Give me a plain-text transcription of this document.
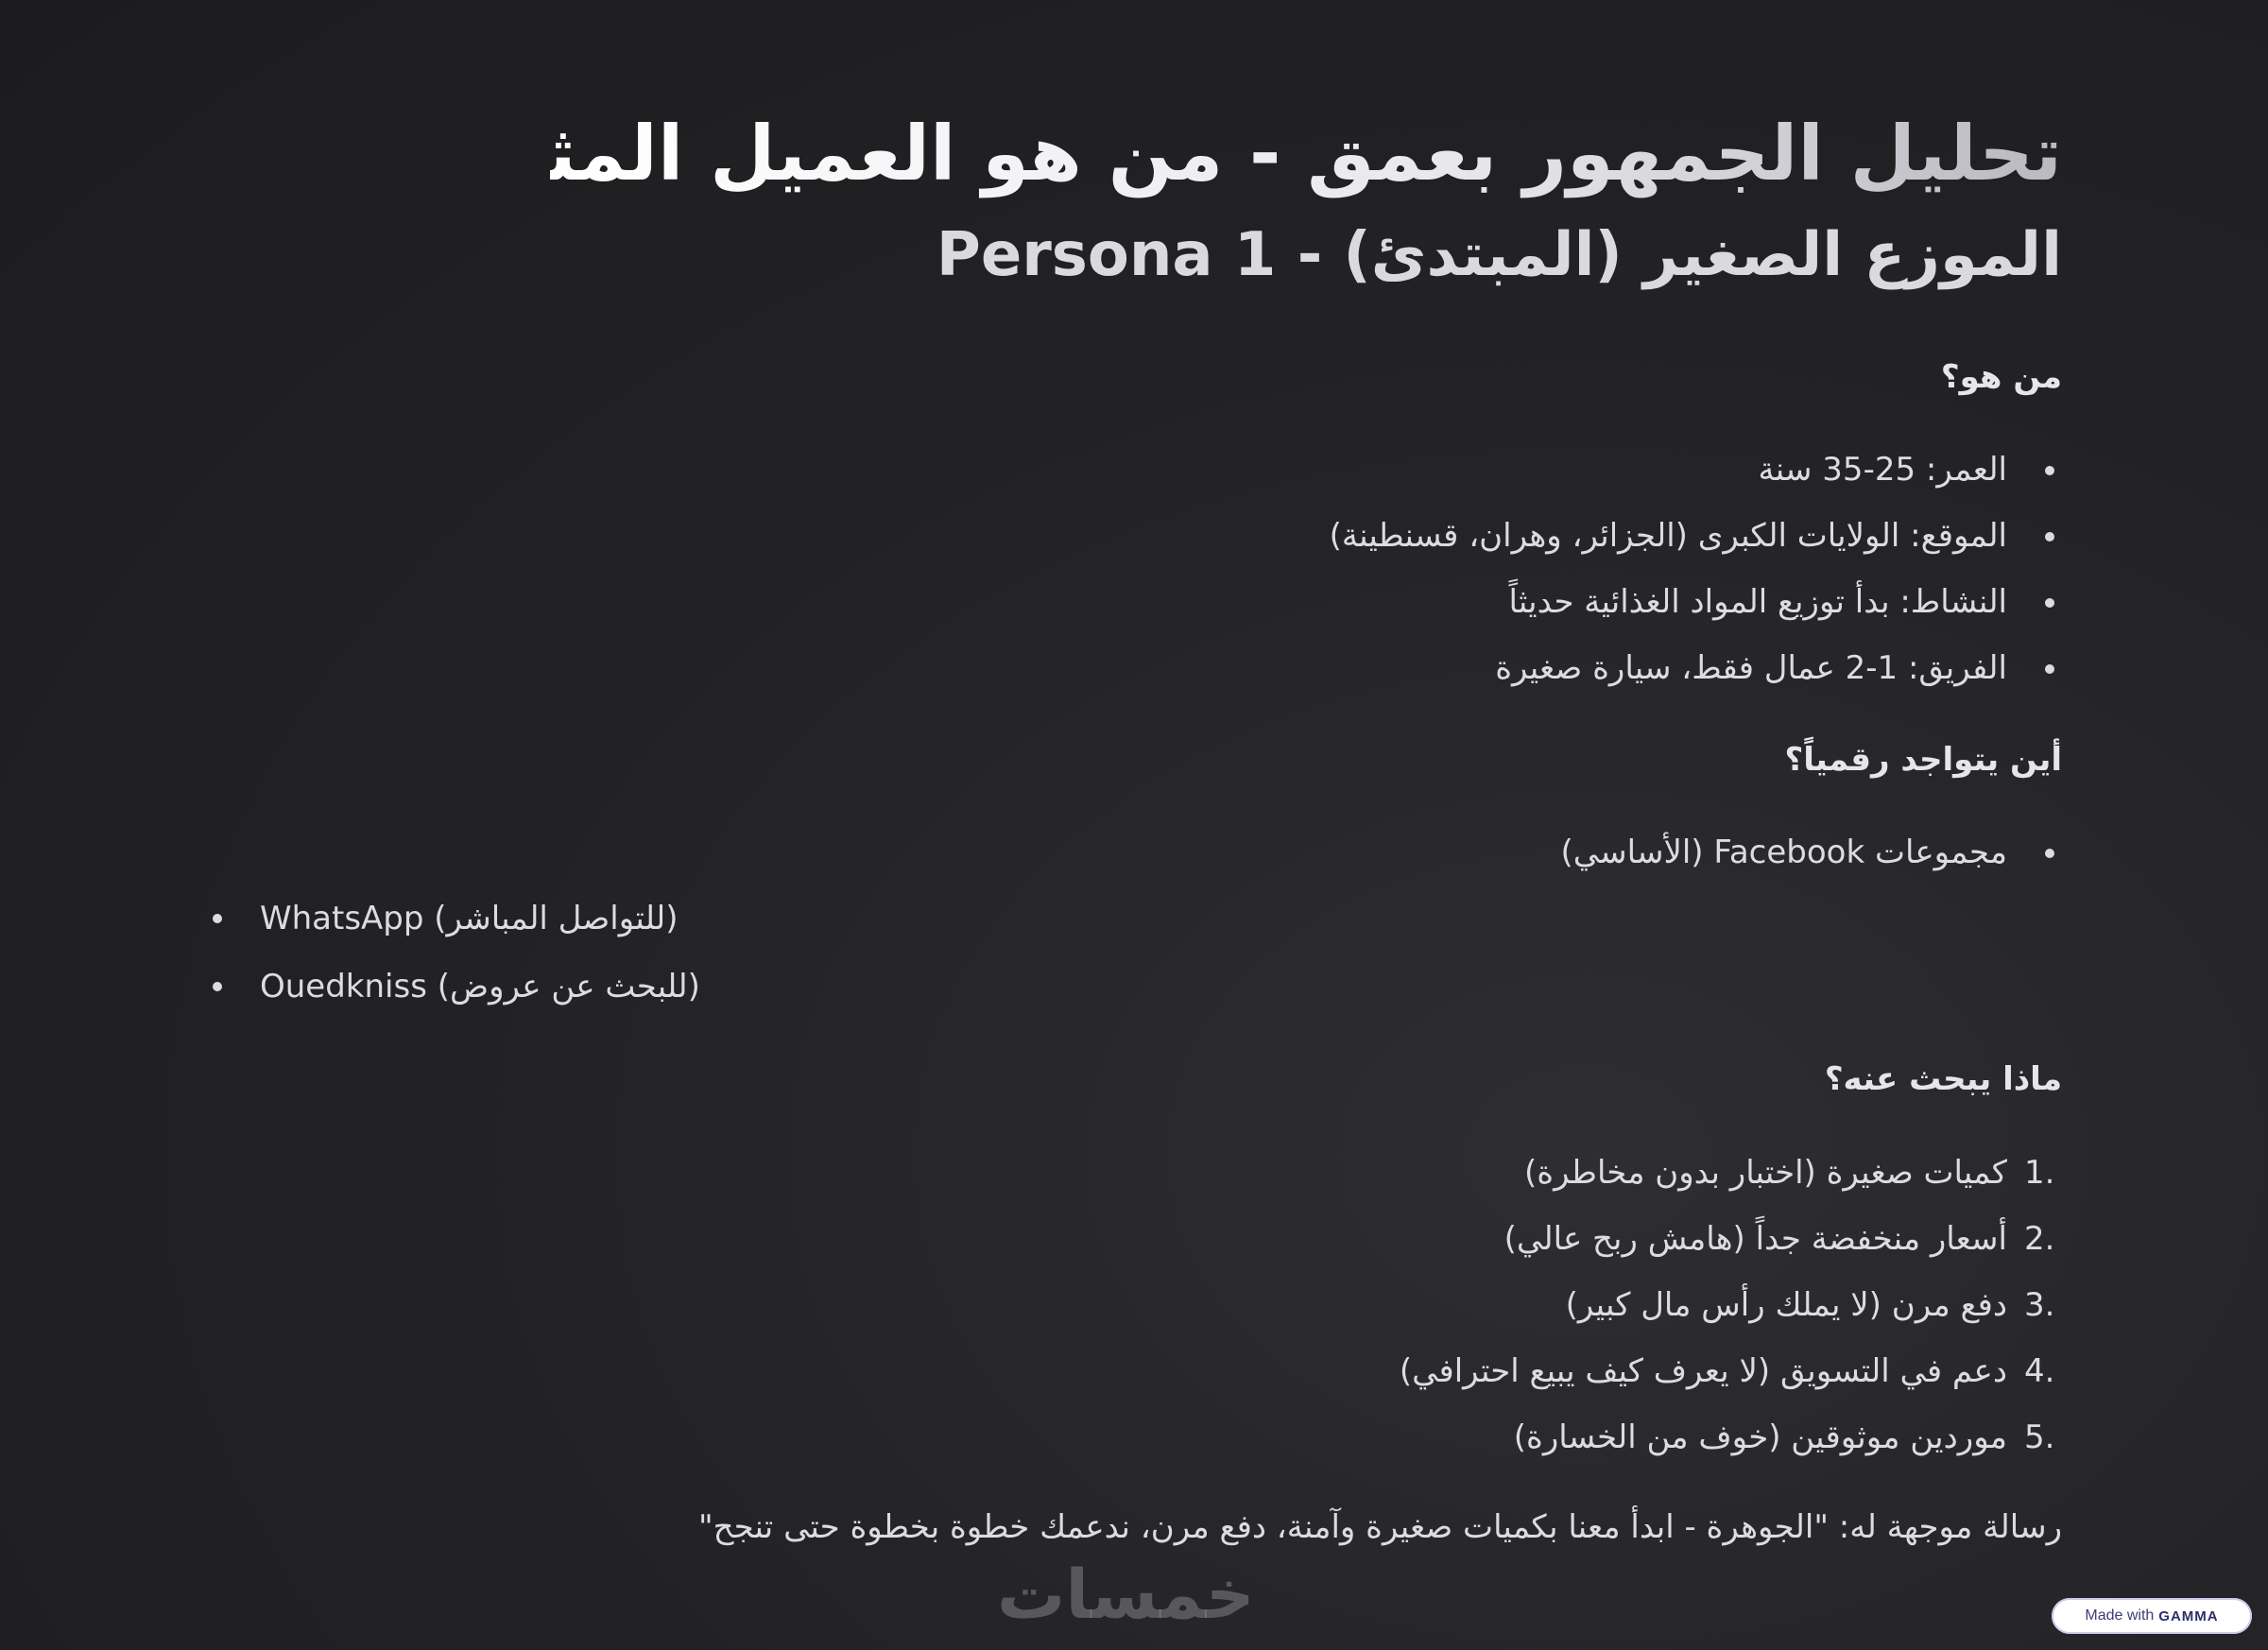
تحليل الجمهور بعمق - من هو العميل المثالي؟
الموزع الصغير (المبتدئ) - Persona 1
من هو؟
العمر: 25-35 سنة
الموقع: الولايات الكبرى (الجزائر، وهران، قسنطينة)
النشاط: بدأ توزيع المواد الغذائية حديثاً
الفريق: 1-2 عمال فقط، سيارة صغيرة
أين يتواجد رقمياً؟
مجموعات Facebook (الأساسي)
WhatsApp (للتواصل المباشر)
Ouedkniss (للبحث عن عروض)
ماذا يبحث عنه؟
1.
كميات صغيرة (اختبار بدون مخاطرة)
2.
أسعار منخفضة جداً (هامش ربح عالي)
3.
دفع مرن (لا يملك رأس مال كبير)
4.
دعم في التسويق (لا يعرف كيف يبيع احترافي)
5.
موردين موثوقين (خوف من الخسارة)

رسالة موجهة له: "الجوهرة - ابدأ معنا بكميات صغيرة وآمنة، دفع مرن، ندعمك خطوة بخطوة حتى تنجح"

خمسات	Made with GAMMA
